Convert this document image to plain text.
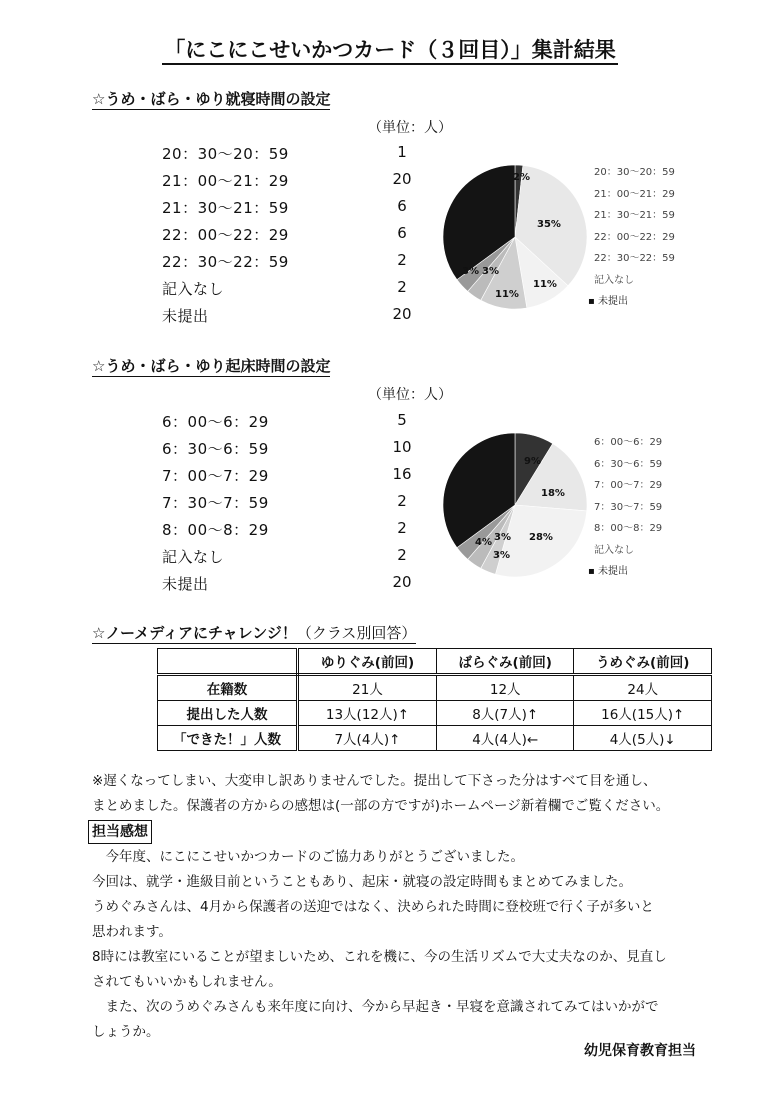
「にこにこせいかつカード（３回目）」集計結果
☆うめ・ばら・ゆり就寝時間の設定
（単位：人）
20：30～20：59	1
21：00～21：29	20
21：30～21：59	6
22：00～22：29	6
22：30～22：59	2
記入なし	2
未提出	20
2%
35%
11%
11%
3%
3%
20：30～20：59
21：00～21：29
21：30～21：59
22：00～22：29
22：30～22：59
記入なし
▪ 未提出
☆うめ・ばら・ゆり起床時間の設定
（単位：人）
6：00～6：29	5
6：30～6：59	10
7：00～7：29	16
7：30～7：59	2
8：00～8：29	2
記入なし	2
未提出	20
9%
18%
28%
3%
3%
4%
6：00～6：29
6：30～6：59
7：00～7：29
7：30～7：59
8：00～8：29
記入なし
▪ 未提出
☆ノーメディアにチャレンジ！（クラス別回答）
	ゆりぐみ(前回)	ばらぐみ(前回)	うめぐみ(前回)
在籍数	21人	12人	24人
提出した人数	13人(12人)↑	8人(7人)↑	16人(15人)↑
「できた！」人数	7人(4人)↑	4人(4人)←	4人(5人)↓

※遅くなってしまい、大変申し訳ありませんでした。提出して下さった分はすべて目を通し、

まとめました。保護者の方からの感想は(一部の方ですが)ホームページ新着欄でご覧ください。

担当感想

　今年度、にこにこせいかつカードのご協力ありがとうございました。

今回は、就学・進級目前ということもあり、起床・就寝の設定時間もまとめてみました。

うめぐみさんは、4月から保護者の送迎ではなく、決められた時間に登校班で行く子が多いと

思われます。

8時には教室にいることが望ましいため、これを機に、今の生活リズムで大丈夫なのか、見直し

されてもいいかもしれません。

　また、次のうめぐみさんも来年度に向け、今から早起き・早寝を意識されてみてはいかがで

しょうか。

幼児保育教育担当
